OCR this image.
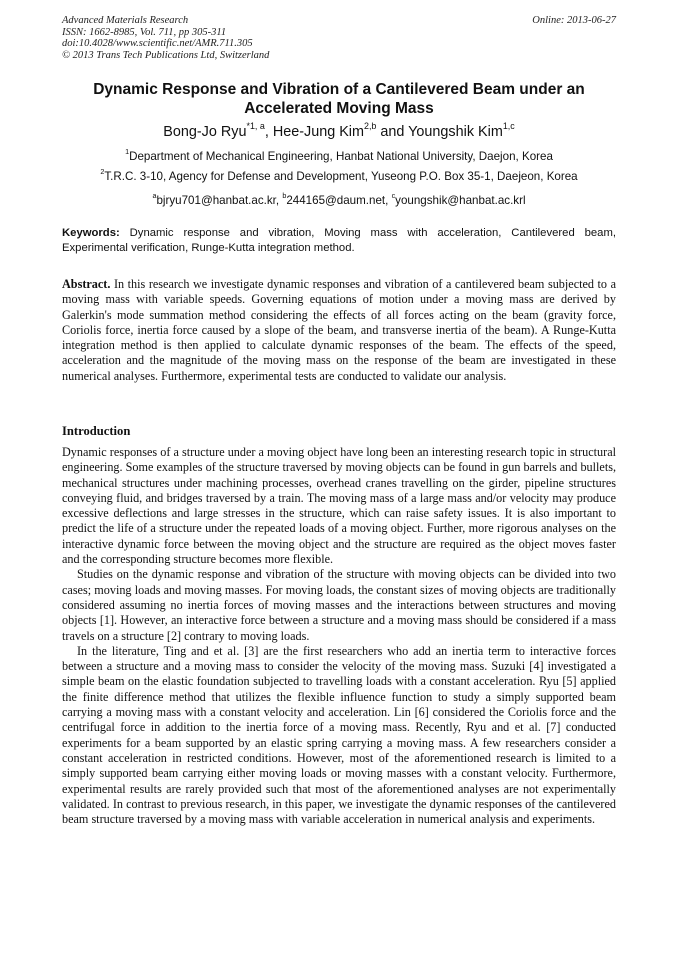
Advanced Materials Research
ISSN: 1662-8985, Vol. 711, pp 305-311
doi:10.4028/www.scientific.net/AMR.711.305
© 2013 Trans Tech Publications Ltd, Switzerland
Online: 2013-06-27
Dynamic Response and Vibration of a Cantilevered Beam under an Accelerated Moving Mass
Bong-Jo Ryu$^{*1, a}$, Hee-Jung Kim$^{2,b}$ and Youngshik Kim$^{1,c}$
$^1$Department of Mechanical Engineering, Hanbat National University, Daejon, Korea
$^2$T.R.C. 3-10, Agency for Defense and Development, Yuseong P.O. Box 35-1, Daejeon, Korea
$^a$bjryu701@hanbat.ac.kr, $^b$244165@daum.net, $^c$youngshik@hanbat.ac.krl
Keywords: Dynamic response and vibration, Moving mass with acceleration, Cantilevered beam, Experimental verification, Runge-Kutta integration method.
Abstract. In this research we investigate dynamic responses and vibration of a cantilevered beam subjected to a moving mass with variable speeds. Governing equations of motion under a moving mass are derived by Galerkin's mode summation method considering the effects of all forces acting on the beam (gravity force, Coriolis force, inertia force caused by a slope of the beam, and transverse inertia of the beam). A Runge-Kutta integration method is then applied to calculate dynamic responses of the beam. The effects of the speed, acceleration and the magnitude of the moving mass on the response of the beam are investigated in these numerical analyses. Furthermore, experimental tests are conducted to validate our analysis.
Introduction

Dynamic responses of a structure under a moving object have long been an interesting research topic in structural engineering. Some examples of the structure traversed by moving objects can be found in gun barrels and bullets, mechanical structures under machining processes, overhead cranes travelling on the girder, pipeline structures conveying fluid, and bridges traversed by a train. The moving mass of a large mass and/or velocity may produce excessive deflections and large stresses in the structure, which can raise safety issues. It is also important to predict the life of a structure under the repeated loads of a moving object. Further, more rigorous analyses on the interactive dynamic force between the moving object and the structure are required as the object moves faster and the corresponding structure becomes more flexible.

Studies on the dynamic response and vibration of the structure with moving objects can be divided into two cases; moving loads and moving masses. For moving loads, the constant sizes of moving objects are traditionally considered assuming no inertia forces of moving masses and the interactions between structures and moving objects [1]. However, an interactive force between a structure and a moving mass should be considered if a mass travels on a structure [2] contrary to moving loads.

In the literature, Ting and et al. [3] are the first researchers who add an inertia term to interactive forces between a structure and a moving mass to consider the velocity of the moving mass. Suzuki [4] investigated a simple beam on the elastic foundation subjected to travelling loads with a constant acceleration. Ryu [5] applied the finite difference method that utilizes the flexible influence function to study a simply supported beam carrying a moving mass with a constant velocity and acceleration. Lin [6] considered the Coriolis force and the centrifugal force in addition to the inertia force of a moving mass. Recently, Ryu and et al. [7] conducted experiments for a beam supported by an elastic spring carrying a moving mass. A few researchers consider a constant acceleration in restricted conditions. However, most of the aforementioned research is limited to a simply supported beam carrying either moving loads or moving masses with a constant velocity. Furthermore, experimental results are rarely provided such that most of the aforementioned analyses are not experimentally validated. In contrast to previous research, in this paper, we investigate the dynamic responses of the cantilevered beam structure traversed by a moving mass with variable acceleration in numerical analysis and experiments.
